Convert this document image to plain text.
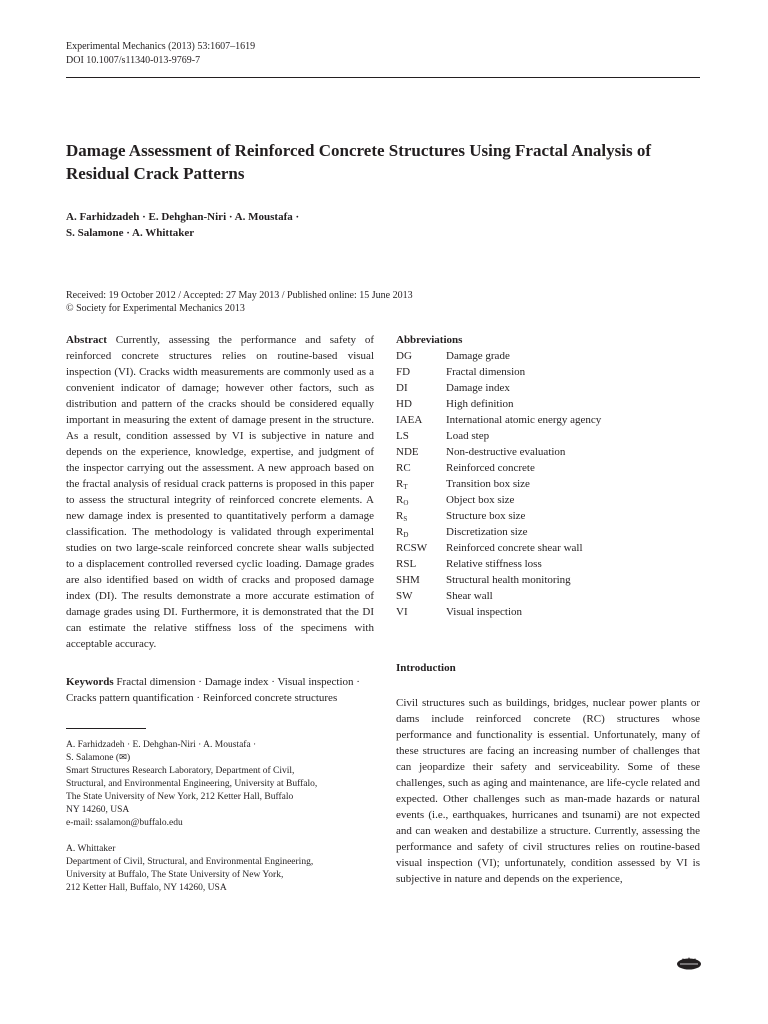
Experimental Mechanics (2013) 53:1607–1619
DOI 10.1007/s11340-013-9769-7
Damage Assessment of Reinforced Concrete Structures Using Fractal Analysis of Residual Crack Patterns
A. Farhidzadeh · E. Dehghan-Niri · A. Moustafa ·
S. Salamone · A. Whittaker
Received: 19 October 2012 / Accepted: 27 May 2013 / Published online: 15 June 2013
© Society for Experimental Mechanics 2013
Abstract Currently, assessing the performance and safety of reinforced concrete structures relies on routine-based visual inspection (VI). Cracks width measurements are commonly used as a convenient indicator of damage; however other factors, such as distribution and pattern of the cracks should be considered equally important in measuring the extent of damage present in the structure. As a result, condition assessed by VI is subjective in nature and depends on the experience, knowledge, expertise, and judgment of the inspector carrying out the assessment. A new approach based on the fractal analysis of residual crack patterns is proposed in this paper to assess the structural integrity of reinforced concrete elements. A new damage index is presented to quantitatively perform a damage classification. The methodology is validated through experimental studies on two large-scale reinforced concrete shear walls subjected to a displacement controlled reversed cyclic loading. Damage grades are also identified based on width of cracks and proposed damage index (DI). The results demonstrate a more accurate estimation of damage grades using DI. Furthermore, it is demonstrated that the DI can estimate the relative stiffness loss of the specimens with acceptable accuracy.
Keywords Fractal dimension · Damage index · Visual inspection · Cracks pattern quantification · Reinforced concrete structures
A. Farhidzadeh · E. Dehghan-Niri · A. Moustafa ·
S. Salamone (✉)
Smart Structures Research Laboratory, Department of Civil,
Structural, and Environmental Engineering, University at Buffalo,
The State University of New York, 212 Ketter Hall, Buffalo
NY 14260, USA
e-mail: ssalamon@buffalo.edu
A. Whittaker
Department of Civil, Structural, and Environmental Engineering,
University at Buffalo, The State University of New York,
212 Ketter Hall, Buffalo, NY 14260, USA
Abbreviations
DG	Damage grade
FD	Fractal dimension
DI	Damage index
HD	High definition
IAEA	International atomic energy agency
LS	Load step
NDE	Non-destructive evaluation
RC	Reinforced concrete
$R_T$	Transition box size
$R_O$	Object box size
$R_S$	Structure box size
$R_D$	Discretization size
RCSW	Reinforced concrete shear wall
RSL	Relative stiffness loss
SHM	Structural health monitoring
SW	Shear wall
VI	Visual inspection
Introduction
Civil structures such as buildings, bridges, nuclear power plants or dams include reinforced concrete (RC) structures whose performance and functionality is essential. Unfortunately, many of these structures are facing an increasing number of challenges that can jeopardize their safety and serviceability. Some of these challenges, such as aging and maintenance, are life-cycle related and expected. Other challenges such as man-made hazards or natural events (i.e., earthquakes, hurricanes and tsunami) are not expected and can weaken and destabilize a structure. Currently, assessing the performance and safety of civil structures relies on routine-based visual inspection (VI); unfortunately, condition assessed by VI is subjective in nature and depends on the experience,
